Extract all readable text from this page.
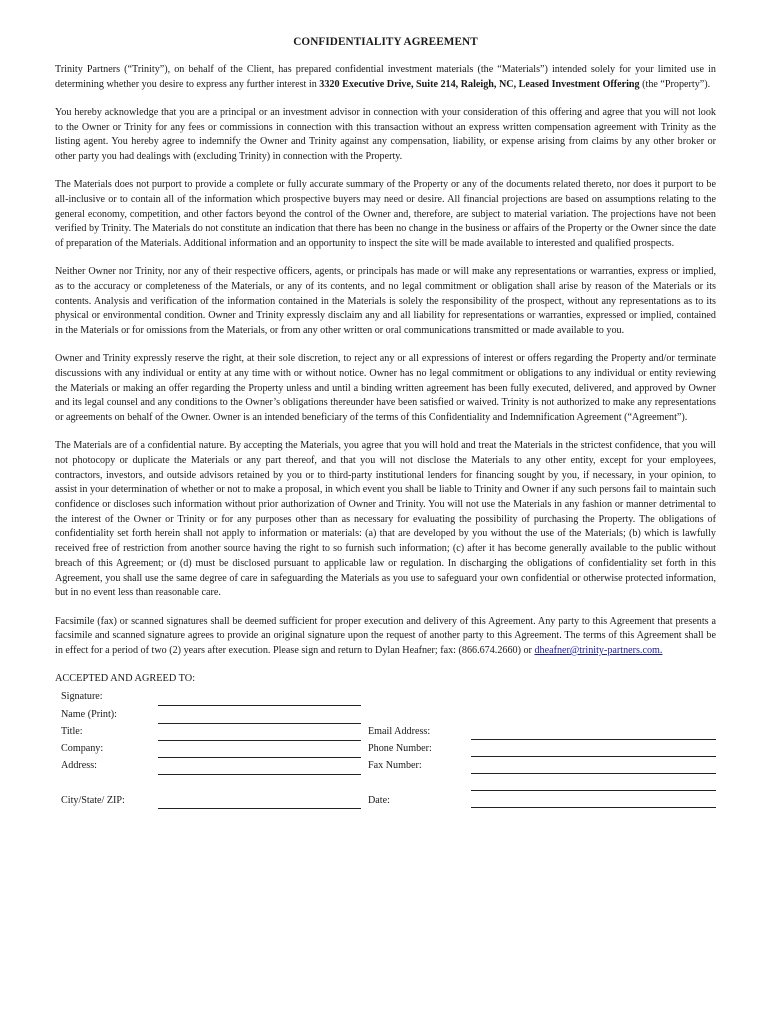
CONFIDENTIALITY AGREEMENT

Trinity Partners (“Trinity”), on behalf of the Client, has prepared confidential investment materials (the “Materials”) intended solely for your limited use in determining whether you desire to express any further interest in 3320 Executive Drive, Suite 214, Raleigh, NC, Leased Investment Offering (the “Property”).

You hereby acknowledge that you are a principal or an investment advisor in connection with your consideration of this offering and agree that you will not look to the Owner or Trinity for any fees or commissions in connection with this transaction without an express written compensation agreement with Trinity as the listing agent. You hereby agree to indemnify the Owner and Trinity against any compensation, liability, or expense arising from claims by any other broker or other party you had dealings with (excluding Trinity) in connection with the Property.

The Materials does not purport to provide a complete or fully accurate summary of the Property or any of the documents related thereto, nor does it purport to be all-inclusive or to contain all of the information which prospective buyers may need or desire. All financial projections are based on assumptions relating to the general economy, competition, and other factors beyond the control of the Owner and, therefore, are subject to material variation. The projections have not been verified by Trinity. The Materials do not constitute an indication that there has been no change in the business or affairs of the Property or the Owner since the date of preparation of the Materials. Additional information and an opportunity to inspect the site will be made available to interested and qualified prospects.

Neither Owner nor Trinity, nor any of their respective officers, agents, or principals has made or will make any representations or warranties, express or implied, as to the accuracy or completeness of the Materials, or any of its contents, and no legal commitment or obligation shall arise by reason of the Materials or its contents. Analysis and verification of the information contained in the Materials is solely the responsibility of the prospect, without any representations as to its physical or environmental condition. Owner and Trinity expressly disclaim any and all liability for representations or warranties, expressed or implied, contained in the Materials or for omissions from the Materials, or from any other written or oral communications transmitted or made available to you.

Owner and Trinity expressly reserve the right, at their sole discretion, to reject any or all expressions of interest or offers regarding the Property and/or terminate discussions with any individual or entity at any time with or without notice. Owner has no legal commitment or obligations to any individual or entity reviewing the Materials or making an offer regarding the Property unless and until a binding written agreement has been fully executed, delivered, and approved by Owner and its legal counsel and any conditions to the Owner’s obligations thereunder have been satisfied or waived. Trinity is not authorized to make any representations or agreements on behalf of the Owner. Owner is an intended beneficiary of the terms of this Confidentiality and Indemnification Agreement (“Agreement”).

The Materials are of a confidential nature. By accepting the Materials, you agree that you will hold and treat the Materials in the strictest confidence, that you will not photocopy or duplicate the Materials or any part thereof, and that you will not disclose the Materials to any other entity, except for your employees, contractors, investors, and outside advisors retained by you or to third-party institutional lenders for financing sought by you, if necessary, in your opinion, to assist in your determination of whether or not to make a proposal, in which event you shall be liable to Trinity and Owner if any such persons fail to maintain such confidence or discloses such information without prior authorization of Owner and Trinity. You will not use the Materials in any fashion or manner detrimental to the interest of the Owner or Trinity or for any purposes other than as necessary for evaluating the possibility of purchasing the Property. The obligations of confidentiality set forth herein shall not apply to information or materials: (a) that are developed by you without the use of the Materials; (b) which is lawfully received free of restriction from another source having the right to so furnish such information; (c) after it has become generally available to the public without breach of this Agreement; or (d) must be disclosed pursuant to applicable law or regulation. In discharging the obligations of confidentiality set forth in this Agreement, you shall use the same degree of care in safeguarding the Materials as you use to safeguard your own confidential or otherwise protected information, but in no event less than reasonable care.

Facsimile (fax) or scanned signatures shall be deemed sufficient for proper execution and delivery of this Agreement. Any party to this Agreement that presents a facsimile and scanned signature agrees to provide an original signature upon the request of another party to this Agreement. The terms of this Agreement shall be in effect for a period of two (2) years after execution. Please sign and return to Dylan Heafner; fax: (866.674.2660) or dheafner@trinity-partners.com.

ACCEPTED AND AGREED TO:
Signature:
Name (Print):
Title:
Company:
Address:
City/State/ ZIP:
Email Address:
Phone Number:
Fax Number:
Date:
